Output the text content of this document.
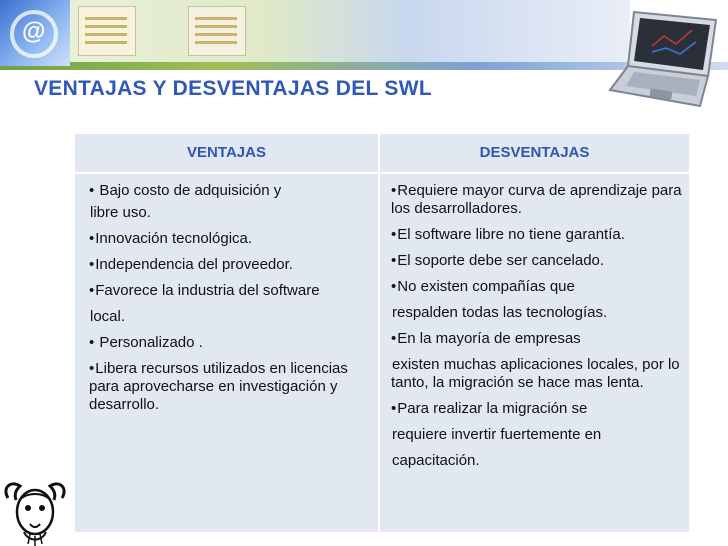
@
VENTAJAS Y DESVENTAJAS DEL SWL
VENTAJAS	DESVENTAJAS
• Bajo costo de adquisición y
libre uso.
•Innovación tecnológica.
•Independencia del proveedor.
•Favorece la industria del software
local.
• Personalizado .
•Libera recursos utilizados en licencias para aprovecharse en investigación y desarrollo.
•Requiere mayor curva de aprendizaje para los desarrolladores.
•El software libre no tiene garantía.
•El soporte debe ser cancelado.
•No existen compañías que
respalden todas las tecnologías.
•En la mayoría de empresas
existen muchas aplicaciones locales, por lo tanto, la migración se hace mas lenta.
•Para realizar la migración se
requiere invertir fuertemente en
capacitación.
